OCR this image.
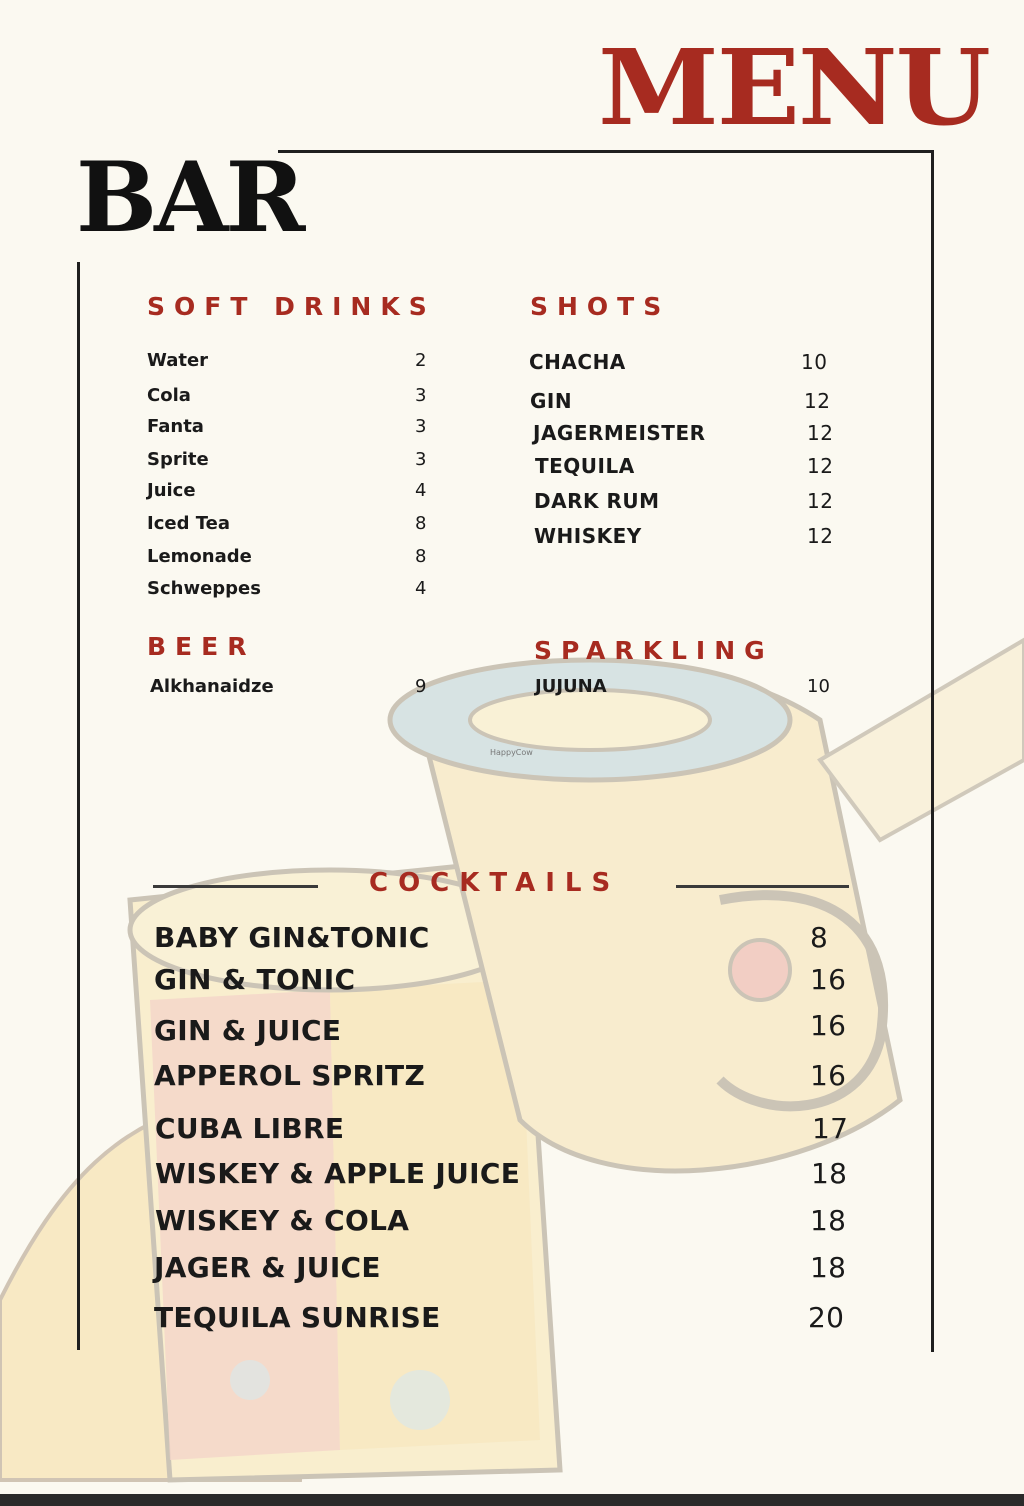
MENU
BAR
SOFT DRINKS
Water	2
Cola	3
Fanta	3
Sprite	3
Juice	4
Iced Tea	8
Lemonade	8
Schweppes	4
SHOTS
CHACHA	10
GIN	12
JAGERMEISTER	12
TEQUILA	12
DARK RUM	12
WHISKEY	12
BEER
Alkhanaidze	9
SPARKLING
JUJUNA	10
HappyCow
COCKTAILS
BABY GIN&TONIC	8
GIN & TONIC	16
GIN & JUICE	16
APPEROL SPRITZ	16
CUBA LIBRE	17
WISKEY & APPLE JUICE	18
WISKEY & COLA	18
JAGER & JUICE	18
TEQUILA SUNRISE	20
